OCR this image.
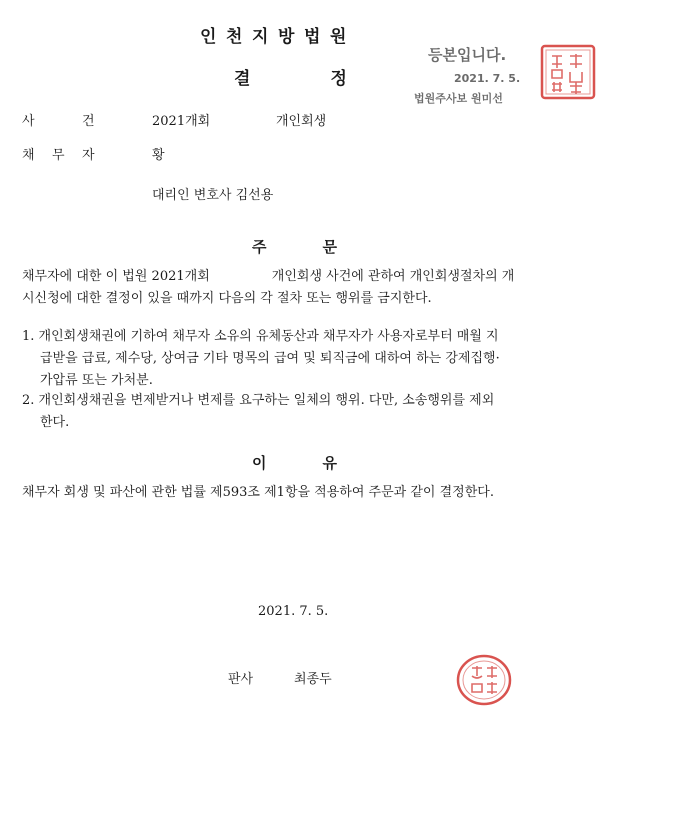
인 천 지 방 법 원
결	정
등본입니다.
2021. 7. 5.
법원주사보 원미선
사	건	2021개회	개인회생
채 무 자	황
대리인 변호사 김선용
주	문
채무자에 대한 이 법원 2021개회	개인회생 사건에 관하여 개인회생절차의 개
시신청에 대한 결정이 있을 때까지 다음의 각 절차 또는 행위를 금지한다.
1. 개인회생채권에 기하여 채무자 소유의 유체동산과 채무자가 사용자로부터 매월 지
급받을 급료, 제수당, 상여금 기타 명목의 급여 및 퇴직금에 대하여 하는 강제집행·
가압류 또는 가처분.
2. 개인회생채권을 변제받거나 변제를 요구하는 일체의 행위. 다만, 소송행위를 제외
한다.
이	유
채무자 회생 및 파산에 관한 법률 제593조 제1항을 적용하여 주문과 같이 결정한다.
2021. 7. 5.
판사	최종두
